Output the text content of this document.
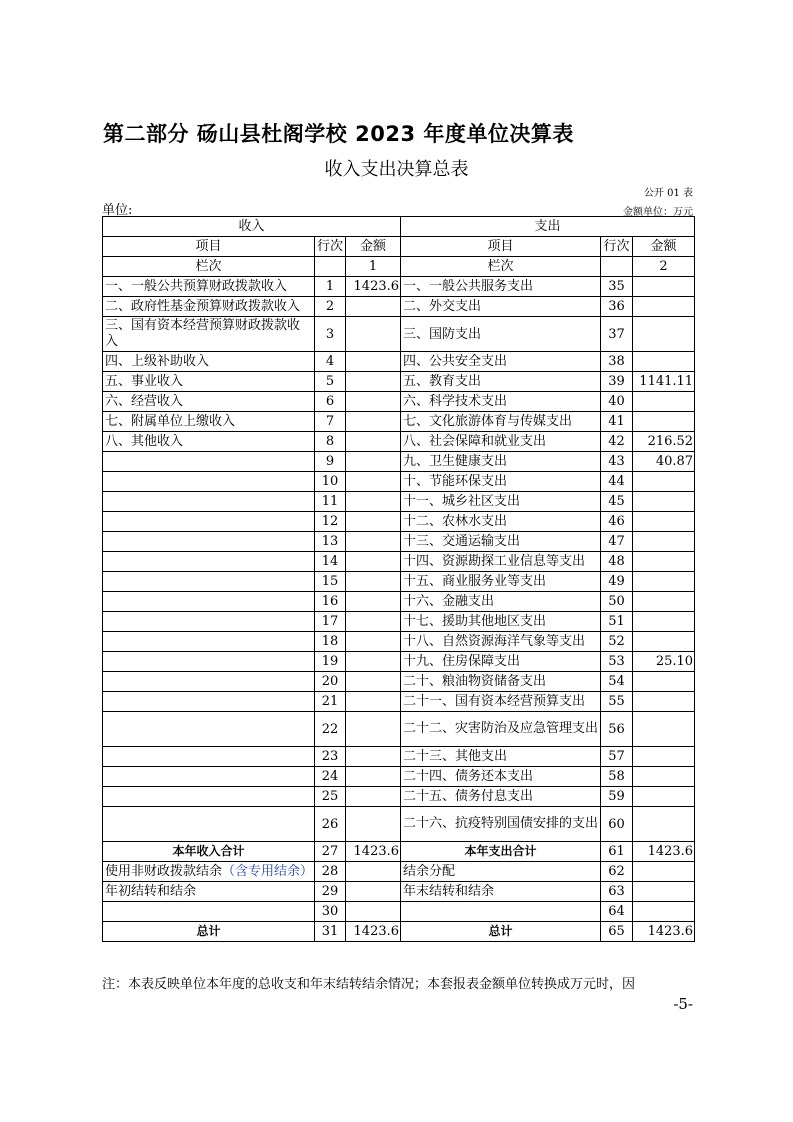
第二部分 砀山县杜阁学校 2023 年度单位决算表
收入支出决算总表
公开 01 表
单位:	金额单位：万元
收入			支出		
项目	行次	金额	项目	行次	金额
栏次		1	栏次		2
一、一般公共预算财政拨款收入	1	1423.6	一、一般公共服务支出	35	
二、政府性基金预算财政拨款收入	2		二、外交支出	36	
三、国有资本经营预算财政拨款收入	3		三、国防支出	37	
四、上级补助收入	4		四、公共安全支出	38	
五、事业收入	5		五、教育支出	39	1141.11
六、经营收入	6		六、科学技术支出	40	
七、附属单位上缴收入	7		七、文化旅游体育与传媒支出	41	
八、其他收入	8		八、社会保障和就业支出	42	216.52
	9		九、卫生健康支出	43	40.87
	10		十、节能环保支出	44	
	11		十一、城乡社区支出	45	
	12		十二、农林水支出	46	
	13		十三、交通运输支出	47	
	14		十四、资源勘探工业信息等支出	48	
	15		十五、商业服务业等支出	49	
	16		十六、金融支出	50	
	17		十七、援助其他地区支出	51	
	18		十八、自然资源海洋气象等支出	52	
	19		十九、住房保障支出	53	25.10
	20		二十、粮油物资储备支出	54	
	21		二十一、国有资本经营预算支出	55	
	22		二十二、灾害防治及应急管理支出	56	
	23		二十三、其他支出	57	
	24		二十四、债务还本支出	58	
	25		二十五、债务付息支出	59	
	26		二十六、抗疫特别国债安排的支出	60	
本年收入合计	27	1423.6	本年支出合计	61	1423.6
使用非财政拨款结余（含专用结余）	28		结余分配	62	
年初结转和结余	29		年末结转和结余	63	
	30			64	
总计	31	1423.6	总计	65	1423.6
注：本表反映单位本年度的总收支和年末结转结余情况；本套报表金额单位转换成万元时，因
-5-
